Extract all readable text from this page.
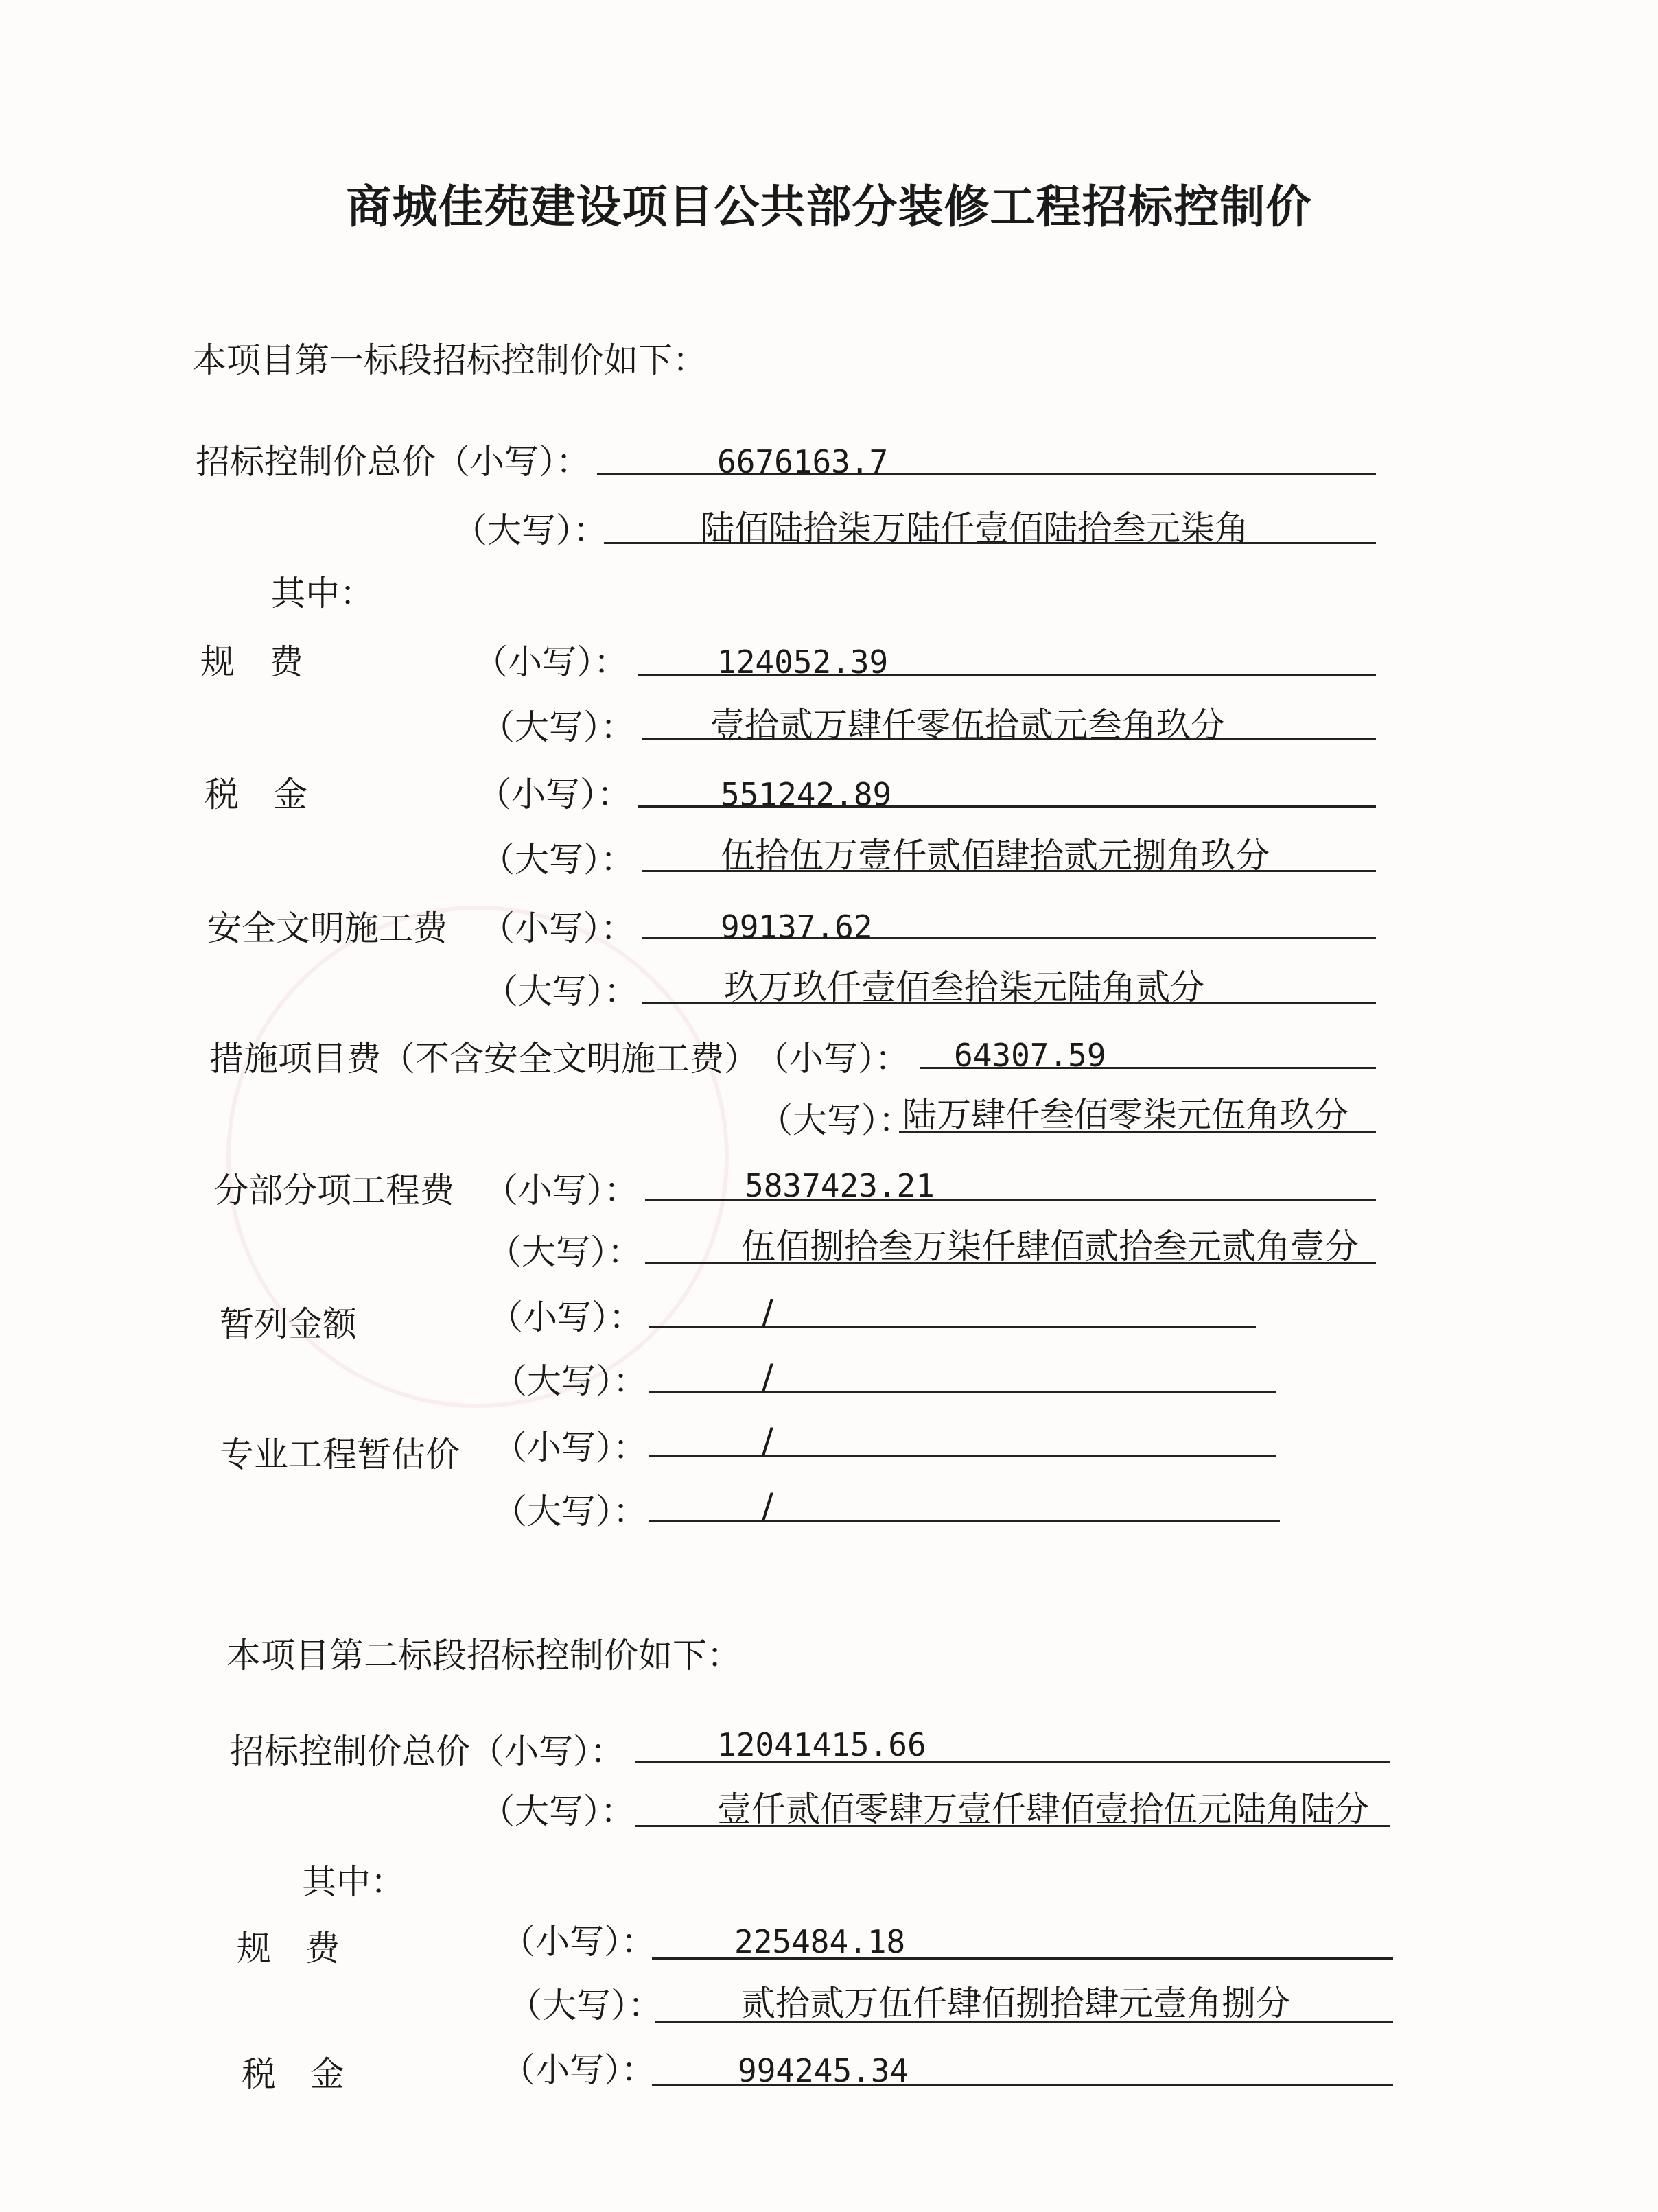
商城佳苑建设项目公共部分装修工程招标控制价
本项目第一标段招标控制价如下：
招标控制价总价（小写）：	6676163.7
（大写）：	陆佰陆拾柒万陆仟壹佰陆拾叁元柒角
其中：
规　费	（小写）：	124052.39
（大写）： 壹拾贰万肆仟零伍拾贰元叁角玖分
税　金	（小写）：	551242.89
（大写）：	伍拾伍万壹仟贰佰肆拾贰元捌角玖分
安全文明施工费 （小写）：	99137.62
（大写）：	玖万玖仟壹佰叁拾柒元陆角贰分
措施项目费（不含安全文明施工费）
（小写）： 64307.59
（大写）：
陆万肆仟叁佰零柒元伍角玖分
分部分项工程费 （小写）：	5837423.21
（大写）：	伍佰捌拾叁万柒仟肆佰贰拾叁元贰角壹分
暂列金额	（小写）：	/
（大写）：	/
专业工程暂估价 （小写）：	/
（大写）：	/
本项目第二标段招标控制价如下：
招标控制价总价（小写）：	12041415.66
（大写）： 壹仟贰佰零肆万壹仟肆佰壹拾伍元陆角陆分
其中：
规　费	（小写）：	225484.18
（大写）： 贰拾贰万伍仟肆佰捌拾肆元壹角捌分
税　金	（小写）：	994245.34
